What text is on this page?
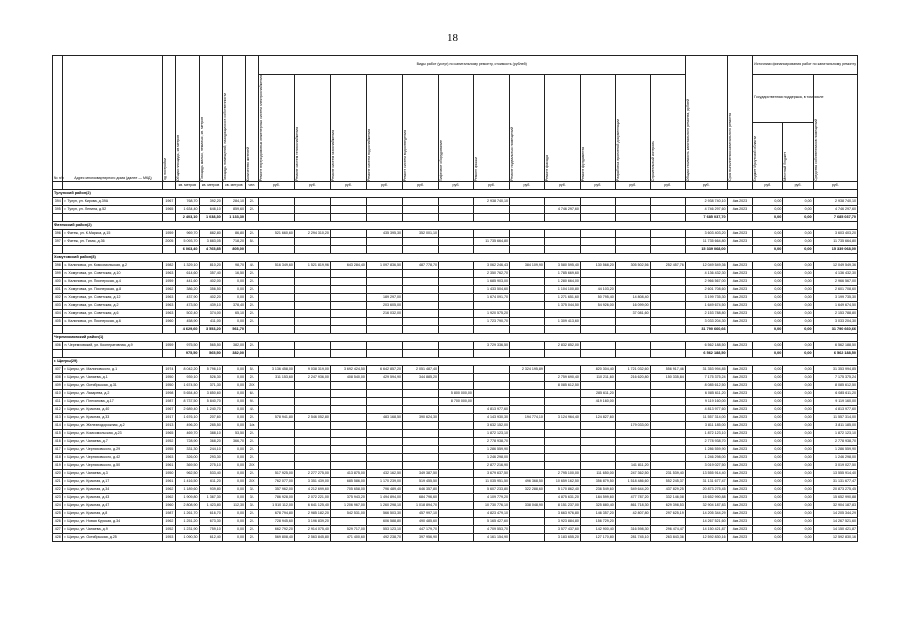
18
№ п/п	Адрес многоквартирного дома (далее — МКД)	Год постройки	Общая площадь, кв.метров	Площадь жилых, нежилых, кв. метров	Площадь помещений, находящихся в собственности	Количество жителей	Виды работ (услуг) по капитальному ремонту, стоимость (рублей)												Общая стоимость капитального ремонта, рублей	Срок выполнения капитального ремонта	Источники финансирования работ по капитальному ремонту		

							Ремонт внутридомовых инженерных систем электроснабжения	Ремонт систем теплоснабжения	Ремонт систем газоснабжения	Ремонт систем водоснабжения	Ремонт систем водоотведения	Лифтовое оборудование	Ремонт крыши	Ремонт подвальных помещений	Ремонт фасада	Ремонт фундамента	Разработка проектной документации	Строительный контроль			Государственная поддержка, в том числе		Средства собственников помещений

																					Бюджет Иркутской области	Местный бюджет	

			кв. метров	кв. метров	кв. метров	чел.	руб.	руб.	руб.	руб.	руб.	руб.	руб.	руб.	руб.	руб.	руб.	руб.	руб.		руб.	руб.	руб.
Тулунский район(2)																							
394	г. Тулун, ул. Кирова, д.39А	1967	768,70	392,20	284,10	2/-							2 938 740,10						2 938 740,10	4кв.2023	0,00	0,00	2 938 740,10
395	г. Тулун, ул. Ленина, д.52	1965	1 634,40	646,10	859,60	2/-									4 746 297,60				4 746 297,60	4кв.2023	0,00	0,00	4 746 297,60
			2 403,10	1 038,30	1 133,30														7 685 037,70		0,00	0,00	7 685 037,70
Фатежский район(2)																							
396	г. Фатеж, ул. К.Маркса, д.15	1959	969,70	882,80	86,80	2/-	521 660,60	2 294 310,20		435 395,30	352 001,10								3 603 403,20	4кв.2023	0,00	0,00	3 603 403,20
397	г. Фатеж, ул. Тихая, д.36	2005	5 093,70	3 883,05	718,20	5/-							11 735 664,80						11 735 664,80	4кв.2023	0,00	0,00	11 735 664,80
			6 063,40	4 765,85	805,00														15 339 068,00		0,00	0,00	15 339 068,00
Хомутовский район(8)																							
398	с. Калиновка, ул. Комсомольская, д.2	1982	1 329,10	810,20	98,70	4/-	516 349,60	1 521 819,96	643 284,40	1 097 836,50	487 778,70		3 062 246,43	384 109,90	3 580 595,40	130 568,20	305 502,56	252 457,76	12 049 549,36	4кв.2023	0,00	0,00	12 049 549,36
399	п. Хомутовка, ул. Советская, д.10	1963	614,60	357,40	16,50	2/-							2 350 762,70		1 785 669,60				4 136 432,30	4кв.2023	0,00	0,00	4 136 432,30
400	с. Калиновка, ул. Пионерская, д.4	1959	441,60	402,00	0,00	2/-							1 685 903,00		1 280 664,00				2 966 567,00	4кв.2023	0,00	0,00	2 966 567,00
401	п. Хомутовка, ул. Пионерская, д.8	1962	386,20	356,50	0,00	2/-							1 433 504,60		1 104 100,80	44 103,20			2 601 708,60	4кв.2023	0,00	0,00	2 601 708,60
402	п. Хомутовка, ул. Советская, д.12	1963	437,90	402,20	0,00	2/-				189 297,00			1 674 091,70		1 271 651,60	50 795,40	14 808,40		3 199 735,30	4кв.2023	0,00	0,00	3 199 735,30
403	п. Хомутовка, ул. Советская, д.2	1963	473,50	439,10	378,40	2/-				203 605,00					1 375 044,50	54 926,00	16 099,00		1 649 674,50	4кв.2023	0,00	0,00	1 649 674,50
404	п. Хомутовка, ул. Советская, д.6	1963	502,40	374,00	65,10	2/-				216 032,00			1 920 575,20				37 081,60		2 153 788,80	4кв.2023	0,00	0,00	2 153 788,80
405	с. Калиновка, ул. Пионерская, д.6	1960	458,90	411,00	0,00	2/-							1 723 790,70		1 309 413,60				3 033 204,30	4кв.2023	0,00	0,00	3 033 204,30
			4 629,60	3 553,20	561,70														31 790 660,66		0,00	0,00	31 790 660,66
Черемхомовский район(1)																							
406	п. Черемховский, ул. Кооперативная, д.9	1959	975,50	565,50	382,00	2/-							3 729 336,50		2 832 852,00				6 562 188,50	4кв.2023	0,00	0,00	6 562 188,50
			975,50	565,50	382,00														6 562 188,50		0,00	0,00	6 562 188,50
г. Щигры(29)																							
407	г. Щигры, ул. Малиновского, д.1	1974	8 042,20	5 796,10	0,00	5/-	3 136 458,00	9 038 319,00	3 692 424,50	6 642 857,20	2 051 487,40			2 324 195,89		820 304,40	1 721 032,60	556 917,46	31 353 994,85	4кв.2023	0,00	0,00	31 353 994,85
408	г. Щигры, ул. Чапаева, д.1	1950	939,10	526,30	0,00	2/-	311 153,60	2 247 936,00	408 540,00	429 594,90	344 885,20				2 759 690,40	110 211,60	216 620,80	150 335,84	7 175 375,24	4кв.2023	0,00	0,00	7 175 375,24
409	г. Щигры, ул. Октябрьская, д.31	1950	1 674,50	371,30	0,00	2/Х									8 085 612,50				8 085 612,50	4кв.2023	0,00	0,00	8 085 612,50
410	г. Щигры, ул. Лазарева, д.2	1998	5 654,40	3 850,60	0,00	6/-						5 800 000,00				285 611,20			6 085 611,20	4кв.2023	0,00	0,00	6 085 611,20
411	г. Щигры, ул. Плеханова, д.17	1987	8 737,50	5 840,70	0,00	9/-						8 700 000,00				419 160,00			9 119 160,00	4кв.2023	0,00	0,00	9 119 160,00
412	г. Щигры, ул. Красная, д.40	1967	2 689,40	1 240,70	0,00	4/-							4 813 977,60						4 813 977,60	4кв.2023	0,00	0,00	4 813 977,60
413	г. Щигры, ул. Красная, д.33	1917	1 676,10	207,60	0,00	2/-	578 941,80	2 546 052,80		483 168,50	390 624,30		4 143 930,30	194 774,10	3 124 964,40	124 827,60			11 557 314,00	4кв.2023	0,00	0,00	11 557 314,00
414	г. Щигры, ул. Железнодорожная, д.2	1913	496,20	285,50	0,00	1/а							3 632 152,00				179 033,00		3 811 185,00	4кв.2023	0,00	0,00	3 811 185,00
415	г. Щигры, ул. Комсомольская, д.23	1965	469,70	388,10	53,50	2/-							1 872 123,10						1 872 123,10	4кв.2023	0,00	0,00	1 872 123,10
416	г. Щигры, ул. Чапаева, д.7	1952	728,90	368,20	366,70	2/-							2 778 938,70						2 778 938,70	4кв.2023	0,00	0,00	2 778 938,70
417	г. Щигры, ул. Черняховского, д.29	1955	331,30	244,10	0,00	2/-							1 286 559,90						1 286 559,90	4кв.2023	0,00	0,00	1 286 559,90
418	г. Щигры, ул. Черняховского, д.42	1963	326,00	293,30	0,00	2/-							1 246 298,00						1 246 298,00	4кв.2023	0,00	0,00	1 246 298,00
419	г. Щигры, ул. Черняховского, д.50	1961	369,50	275,10	0,00	2/Х							2 877 216,90				141 811,20		3 019 027,50	4кв.2023	0,00	0,00	3 019 027,50
420	г. Щигры, ул. Чапаева, д.3	1950	962,50	533,40	0,00	2/-	517 925,00	2 277 275,00	413 875,00	432 162,50	349 387,50		3 679 637,50		2 795 100,00	111 650,00	247 362,50	231 539,40	13 555 914,40	4кв.2023	0,00	0,00	13 555 914,40
421	г. Щигры, ул. Красная, д.17	1961	1 416,50	611,20	0,00	2/Х	762 077,00	3 351 439,00	685 586,00	1 170 239,00	519 455,50		11 035 951,50	496 368,50	10 659 162,50	356 879,50	1 518 486,60	552 245,37	31 131 677,47	4кв.2023	0,00	0,00	31 131 677,47
422	г. Щигры, ул. Красная, д.34	1962	1 189,60	939,80	0,00	3/-	357 962,00	4 212 699,60	705 658,00	796 489,40	646 357,80		5 607 233,80	322 288,60	5 170 862,40	236 549,60	549 644,20	437 829,25	20 873 275,45	4кв.2023	0,00	0,00	20 873 275,45
423	г. Щигры, ул. Красная, д.43	1962	1 909,80	1 367,30	0,00	3/-	786 928,00	2 072 221,00	375 943,20	1 494 894,00	684 796,60		4 109 779,20		4 875 631,20	184 599,60	477 787,20	332 146,08	15 652 990,88	4кв.2023	0,00	0,00	15 652 990,88
424	г. Щигры, ул. Красная, д.47	1960	2 808,90	1 423,80	112,30	3/-	1 510 112,00	6 641 125,40	1 206 967,00	1 260 298,10	1 018 894,70		10 730 776,10	338 048,90	8 151 237,00	325 880,40	861 718,30	629 398,53	32 904 187,83	4кв.2023	0,00	0,00	32 904 187,83
425	г. Щигры, ул. Красная, д.8	1987	1 261,70	616,70	0,00	2/-	678 794,80	2 985 182,20	542 531,00	566 503,30	457 997,10		4 823 479,10		3 663 976,80	146 357,20	42 807,80	297 625,19	14 205 344,29	4кв.2023	0,00	0,00	14 205 344,29
426	г. Щигры, ул. Новая Курская, д.34	1962	1 251,20	673,30	0,00	2/-	728 945,60	3 196 839,20		606 588,80	490 485,60		5 165 427,60		3 923 884,80	156 729,20			14 267 521,60	4кв.2023	0,00	0,00	14 267 521,60
427	г. Щигры, ул. Чапаева, д.9	1952	1 231,90	759,10	0,00	2/-	662 792,20	2 914 075,40	529 717,00	553 123,10	447 179,70		4 709 553,70		3 577 437,60	142 900,40	316 598,30	296 474,47	14 150 421,87	4кв.2023	0,00	0,00	14 150 421,87
428	г. Щигры, ул. Октябрьская, д.25	1953	1 090,30	612,40	0,00	2/-	569 808,40	2 563 845,80	471 400,60	492 238,70	397 956,90		4 161 154,90		3 183 655,20	127 170,80	281 745,10	263 843,36	12 592 830,16	4кв.2023	0,00	0,00	12 592 830,16
